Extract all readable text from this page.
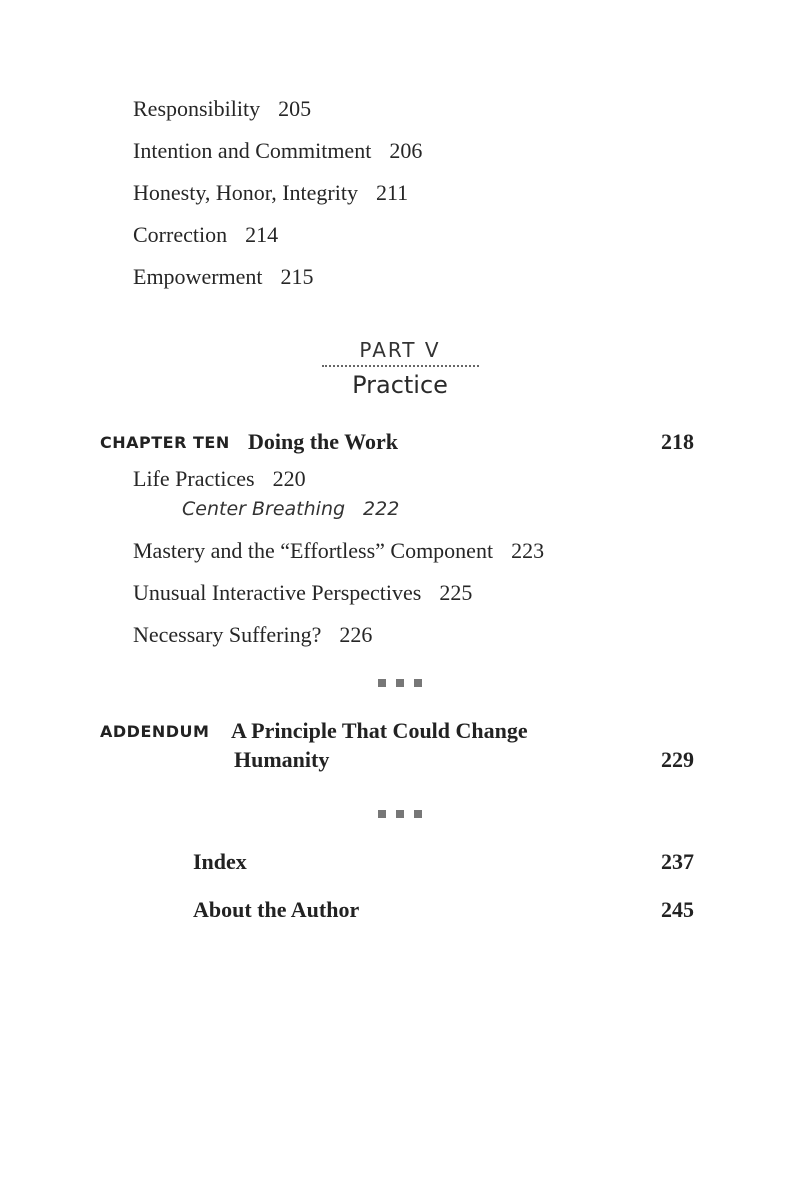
Responsibility 205
Intention and Commitment 206
Honesty, Honor, Integrity 211
Correction 214
Empowerment 215
PART V
Practice
CHAPTER TEN Doing the Work	218
Life Practices 220
Center Breathing 222
Mastery and the “Effortless” Component 223
Unusual Interactive Perspectives 225
Necessary Suffering? 226
ADDENDUM A Principle That Could Change
Humanity	229
Index	237
About the Author	245
